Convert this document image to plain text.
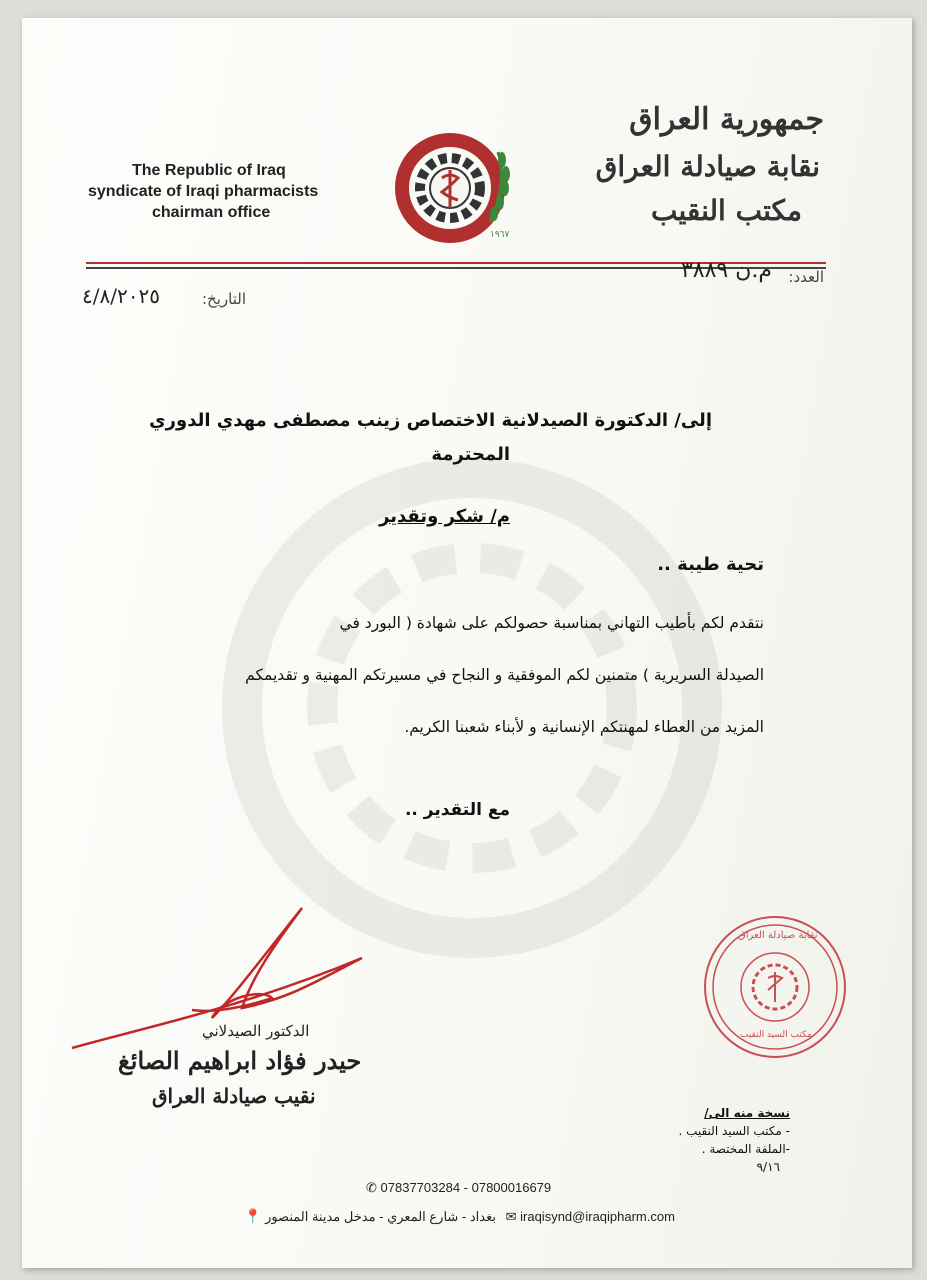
The Republic of Iraq
syndicate of Iraqi pharmacists
chairman office
١٩٦٧
جمهورية العراق
نقابة صيادلة العراق
مكتب النقيب
العدد:
م.ن ٣٨٨٩
التاريخ:
٤/٨/٢٠٢٥
إلى/ الدكتورة الصيدلانية الاختصاص زينب مصطفى مهدي الدوري
المحترمة
م/ شكر وتقدير
تحية طيبة ..
نتقدم لكم بأطيب التهاني بمناسبة حصولكم على شهادة ( البورد في
الصيدلة السريرية ) متمنين لكم الموفقية و النجاح في مسيرتكم المهنية و تقديمكم
المزيد من العطاء لمهنتكم الإنسانية و لأبناء شعبنا الكريم.
مع التقدير ..
الدكتور الصيدلاني
حيدر فؤاد ابراهيم الصائغ
نقيب صيادلة العراق
نقابة صيادلة العراق
مكتب السيد النقيب
نسخة منه الى/
- مكتب السيد النقيب .
-الملفة المختصة .
٩/١٦
✆ 07837703284 - 07800016679
📍 بغداد - شارع المعري - مدخل مدينة المنصور ✉ iraqisynd@iraqipharm.com
